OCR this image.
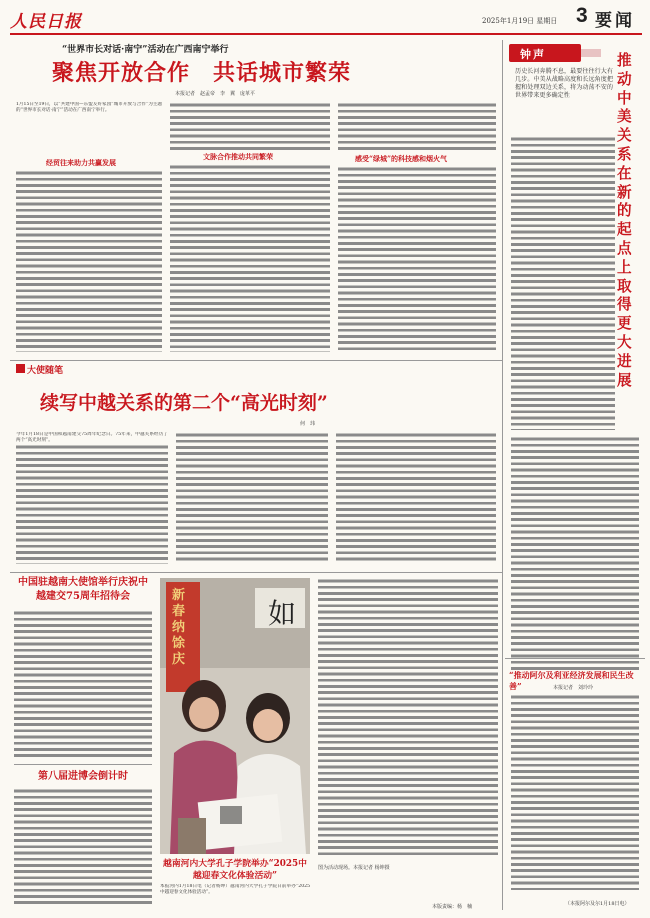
人民日报	2025年1月19日 星期日 3 要闻
“世界市长对话·南宁”活动在广西南宁举行
聚焦开放合作　共话城市繁荣
本报记者　赵孟帝　李　翼　庞革平
1月15日至19日，以“共建中国—东盟友好家园”城市开放与合作”为主题的“世界市长对话·南宁”活动在广西南宁举行。
经贸往来助力共赢发展
文脉合作推动共同繁荣	感受“绿城”的科技感和烟火气
钟声
历史长河奔腾不息，最要往往行大有几步。中美从战略高度和长远角度把握和处理双边关系，将为动荡不安的世界带来更多确定性
推动中美关系在新的起点上取得更大进展
大使随笔
续写中越关系的第二个“高光时刻”
何　玮
今年1月18日是中国和越南建交75周年纪念日。75年来，中越关系经历了两个“高光时刻”。
中国驻越南大使馆举行庆祝中越建交75周年招待会
第八届进博会倒计时
新春纳馀庆
如
越南河内大学孔子学院举办“2025中越迎春文化体验活动”
本报河内1月18日电（记者杨坤）越南河内大学孔子学院日前举办“2025中越迎春文化体验活动”。
图为活动现场。本报记者 杨坤摄
本版责编：杨　楠
“推动阿尔及利亚经济发展和民生改善”	本报记者　刘玲玲
（本报阿尔及尔1月18日电）
